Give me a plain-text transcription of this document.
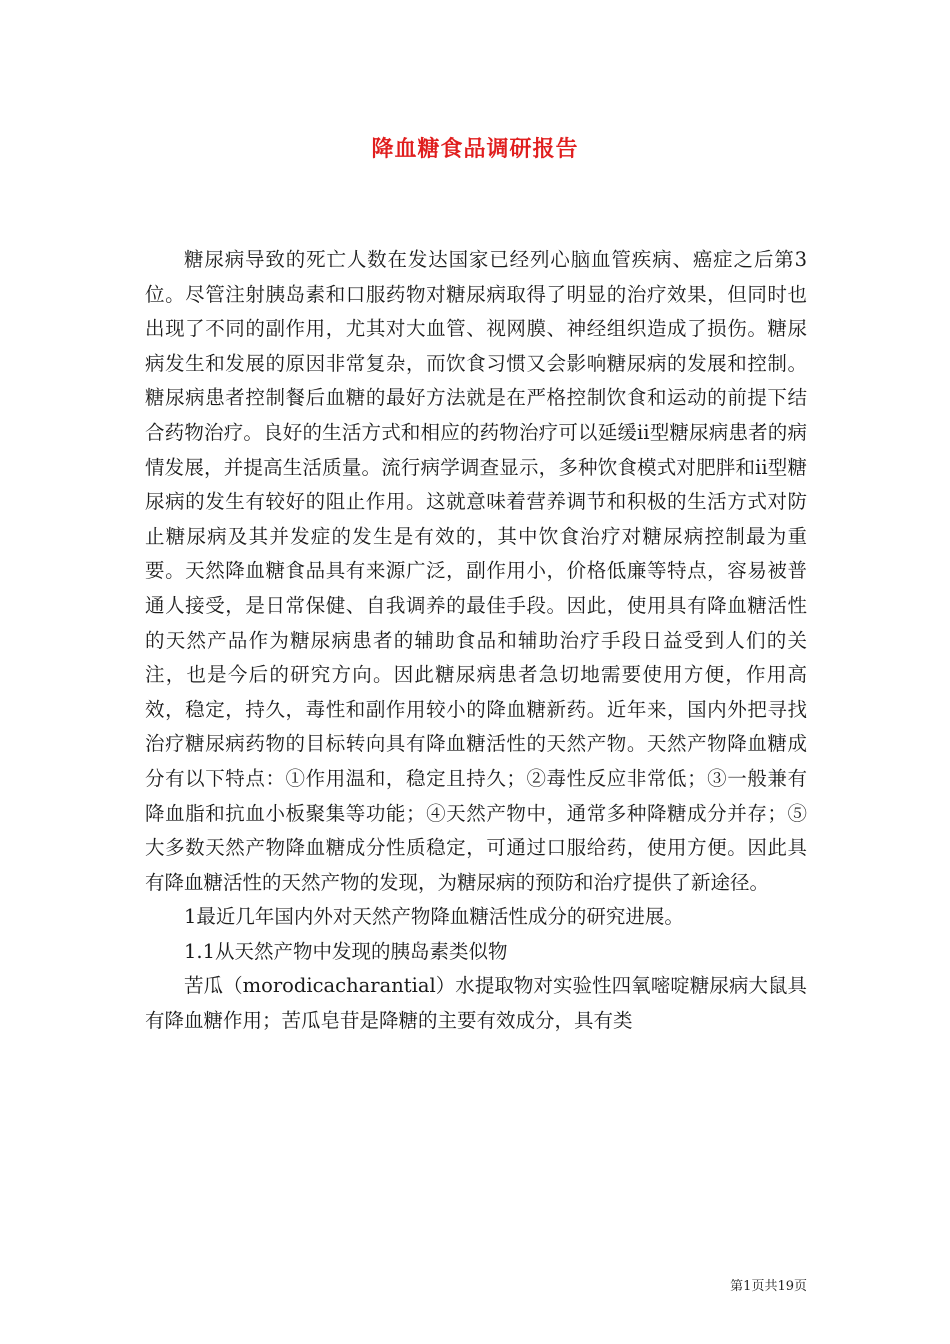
降血糖食品调研报告

糖尿病导致的死亡人数在发达国家已经列心脑血管疾病、癌症之后第3位。尽管注射胰岛素和口服药物对糖尿病取得了明显的治疗效果，但同时也出现了不同的副作用，尤其对大血管、视网膜、神经组织造成了损伤。糖尿病发生和发展的原因非常复杂，而饮食习惯又会影响糖尿病的发展和控制。糖尿病患者控制餐后血糖的最好方法就是在严格控制饮食和运动的前提下结合药物治疗。良好的生活方式和相应的药物治疗可以延缓ii型糖尿病患者的病情发展，并提高生活质量。流行病学调查显示，多种饮食模式对肥胖和ii型糖尿病的发生有较好的阻止作用。这就意味着营养调节和积极的生活方式对防止糖尿病及其并发症的发生是有效的，其中饮食治疗对糖尿病控制最为重要。天然降血糖食品具有来源广泛，副作用小，价格低廉等特点，容易被普通人接受，是日常保健、自我调养的最佳手段。因此，使用具有降血糖活性的天然产品作为糖尿病患者的辅助食品和辅助治疗手段日益受到人们的关注，也是今后的研究方向。因此糖尿病患者急切地需要使用方便，作用高效，稳定，持久，毒性和副作用较小的降血糖新药。近年来，国内外把寻找治疗糖尿病药物的目标转向具有降血糖活性的天然产物。天然产物降血糖成分有以下特点：①作用温和，稳定且持久；②毒性反应非常低；③一般兼有降血脂和抗血小板聚集等功能；④天然产物中，通常多种降糖成分并存；⑤大多数天然产物降血糖成分性质稳定，可通过口服给药，使用方便。因此具有降血糖活性的天然产物的发现，为糖尿病的预防和治疗提供了新途径。

1最近几年国内外对天然产物降血糖活性成分的研究进展。

1.1从天然产物中发现的胰岛素类似物

苦瓜（morodicacharantial）水提取物对实验性四氧嘧啶糖尿病大鼠具有降血糖作用；苦瓜皂苷是降糖的主要有效成分，具有类

第1页共19页
